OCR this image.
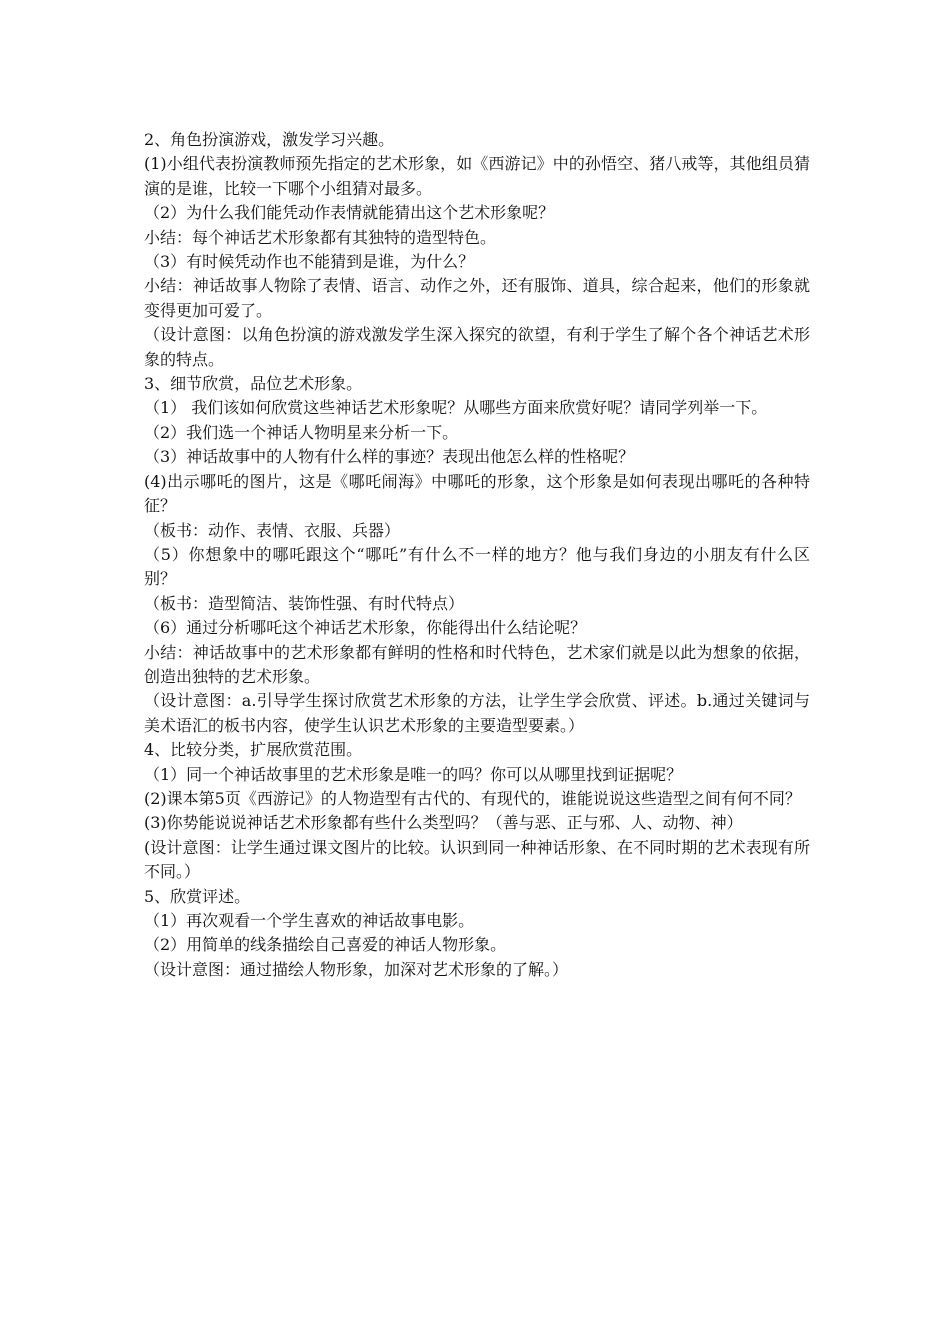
2、角色扮演游戏，激发学习兴趣。

(1)小组代表扮演教师预先指定的艺术形象，如《西游记》中的孙悟空、猪八戒等，其他组员猜演的是谁，比较一下哪个小组猜对最多。

（2）为什么我们能凭动作表情就能猜出这个艺术形象呢？

小结：每个神话艺术形象都有其独特的造型特色。

（3）有时候凭动作也不能猜到是谁，为什么？

小结：神话故事人物除了表情、语言、动作之外，还有服饰、道具，综合起来，他们的形象就变得更加可爱了。

（设计意图：以角色扮演的游戏激发学生深入探究的欲望，有利于学生了解个各个神话艺术形象的特点。

3、细节欣赏，品位艺术形象。

（1） 我们该如何欣赏这些神话艺术形象呢？从哪些方面来欣赏好呢？请同学列举一下。

（2）我们选一个神话人物明星来分析一下。

（3）神话故事中的人物有什么样的事迹？表现出他怎么样的性格呢？

(4)出示哪吒的图片，这是《哪吒闹海》中哪吒的形象，这个形象是如何表现出哪吒的各种特征？

（板书：动作、表情、衣服、兵器）

（5）你想象中的哪吒跟这个“哪吒”有什么不一样的地方？他与我们身边的小朋友有什么区别？

（板书：造型简洁、装饰性强、有时代特点）

（6）通过分析哪吒这个神话艺术形象，你能得出什么结论呢？

小结：神话故事中的艺术形象都有鲜明的性格和时代特色，艺术家们就是以此为想象的依据，创造出独特的艺术形象。

（设计意图：a.引导学生探讨欣赏艺术形象的方法，让学生学会欣赏、评述。b.通过关键词与美术语汇的板书内容，使学生认识艺术形象的主要造型要素。）

4、比较分类，扩展欣赏范围。

（1）同一个神话故事里的艺术形象是唯一的吗？你可以从哪里找到证据呢？

(2)课本第5页《西游记》的人物造型有古代的、有现代的，谁能说说这些造型之间有何不同？

(3)你势能说说神话艺术形象都有些什么类型吗？（善与恶、正与邪、人、动物、神）

(设计意图：让学生通过课文图片的比较。认识到同一种神话形象、在不同时期的艺术表现有所不同。）

5、欣赏评述。

（1）再次观看一个学生喜欢的神话故事电影。

（2）用简单的线条描绘自己喜爱的神话人物形象。

（设计意图：通过描绘人物形象，加深对艺术形象的了解。）
